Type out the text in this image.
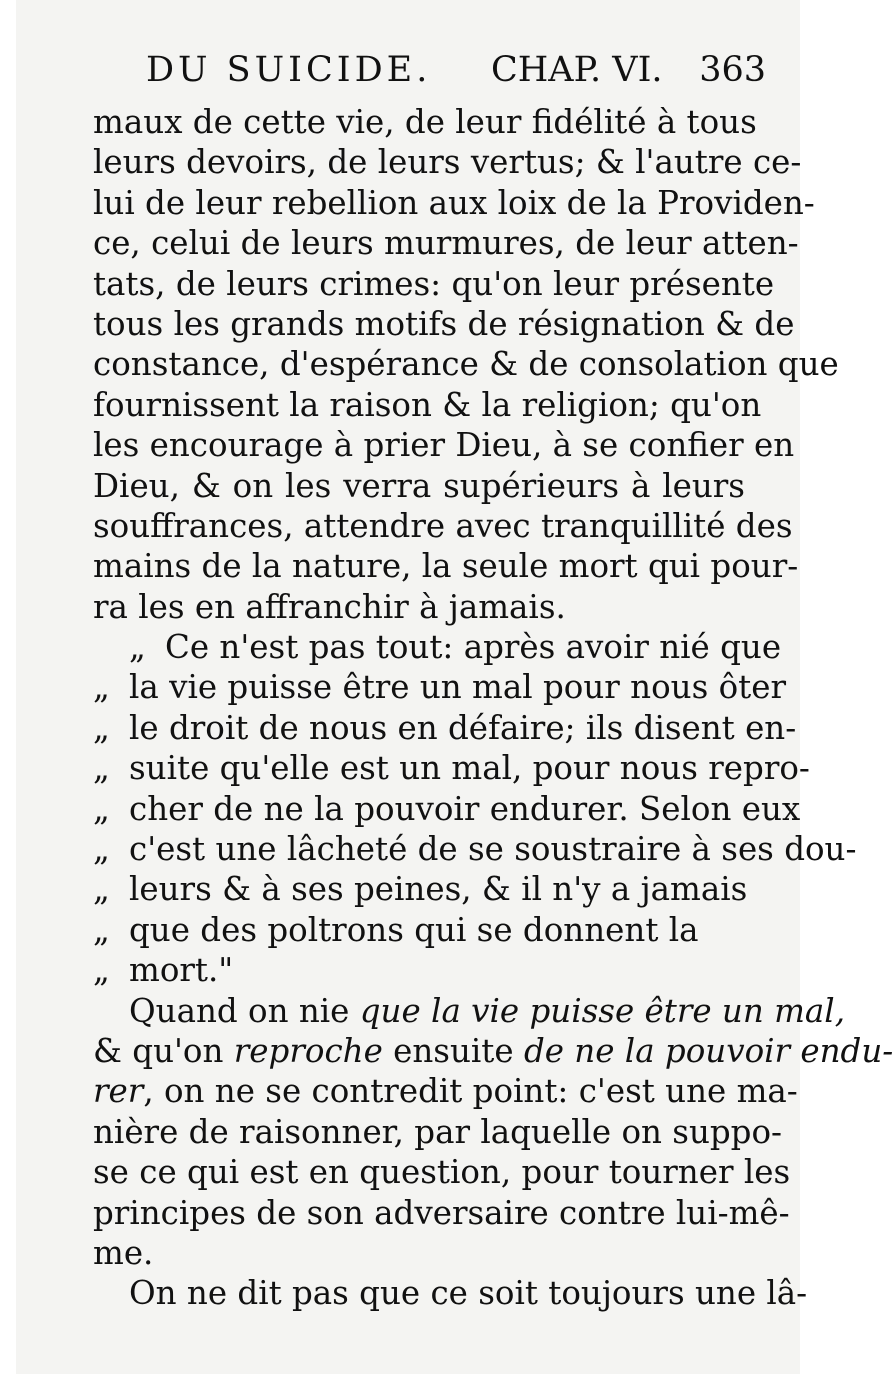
DU SUICIDE. CHAP. VI. 363
maux de cette vie, de leur fidélité à tous
leurs devoirs, de leurs vertus; & l'autre ce-
lui de leur rebellion aux loix de la Providen-
ce, celui de leurs murmures, de leur atten-
tats, de leurs crimes: qu'on leur présente
tous les grands motifs de résignation & de
constance, d'espérance & de consolation que
fournissent la raison & la religion; qu'on
les encourage à prier Dieu, à se confier en
Dieu, & on les verra supérieurs à leurs
souffrances, attendre avec tranquillité des
mains de la nature, la seule mort qui pour-
ra les en affranchir à jamais.
„ Ce n'est pas tout: après avoir nié que
„ la vie puisse être un mal pour nous ôter
„ le droit de nous en défaire; ils disent en-
„ suite qu'elle est un mal, pour nous repro-
„ cher de ne la pouvoir endurer. Selon eux
„ c'est une lâcheté de se soustraire à ses dou-
„ leurs & à ses peines, & il n'y a jamais
„ que des poltrons qui se donnent la
„ mort."
Quand on nie que la vie puisse être un mal,
& qu'on reproche ensuite de ne la pouvoir endu-
rer, on ne se contredit point: c'est une ma-
nière de raisonner, par laquelle on suppo-
se ce qui est en question, pour tourner les
principes de son adversaire contre lui-mê-
me.
On ne dit pas que ce soit toujours une lâ-
